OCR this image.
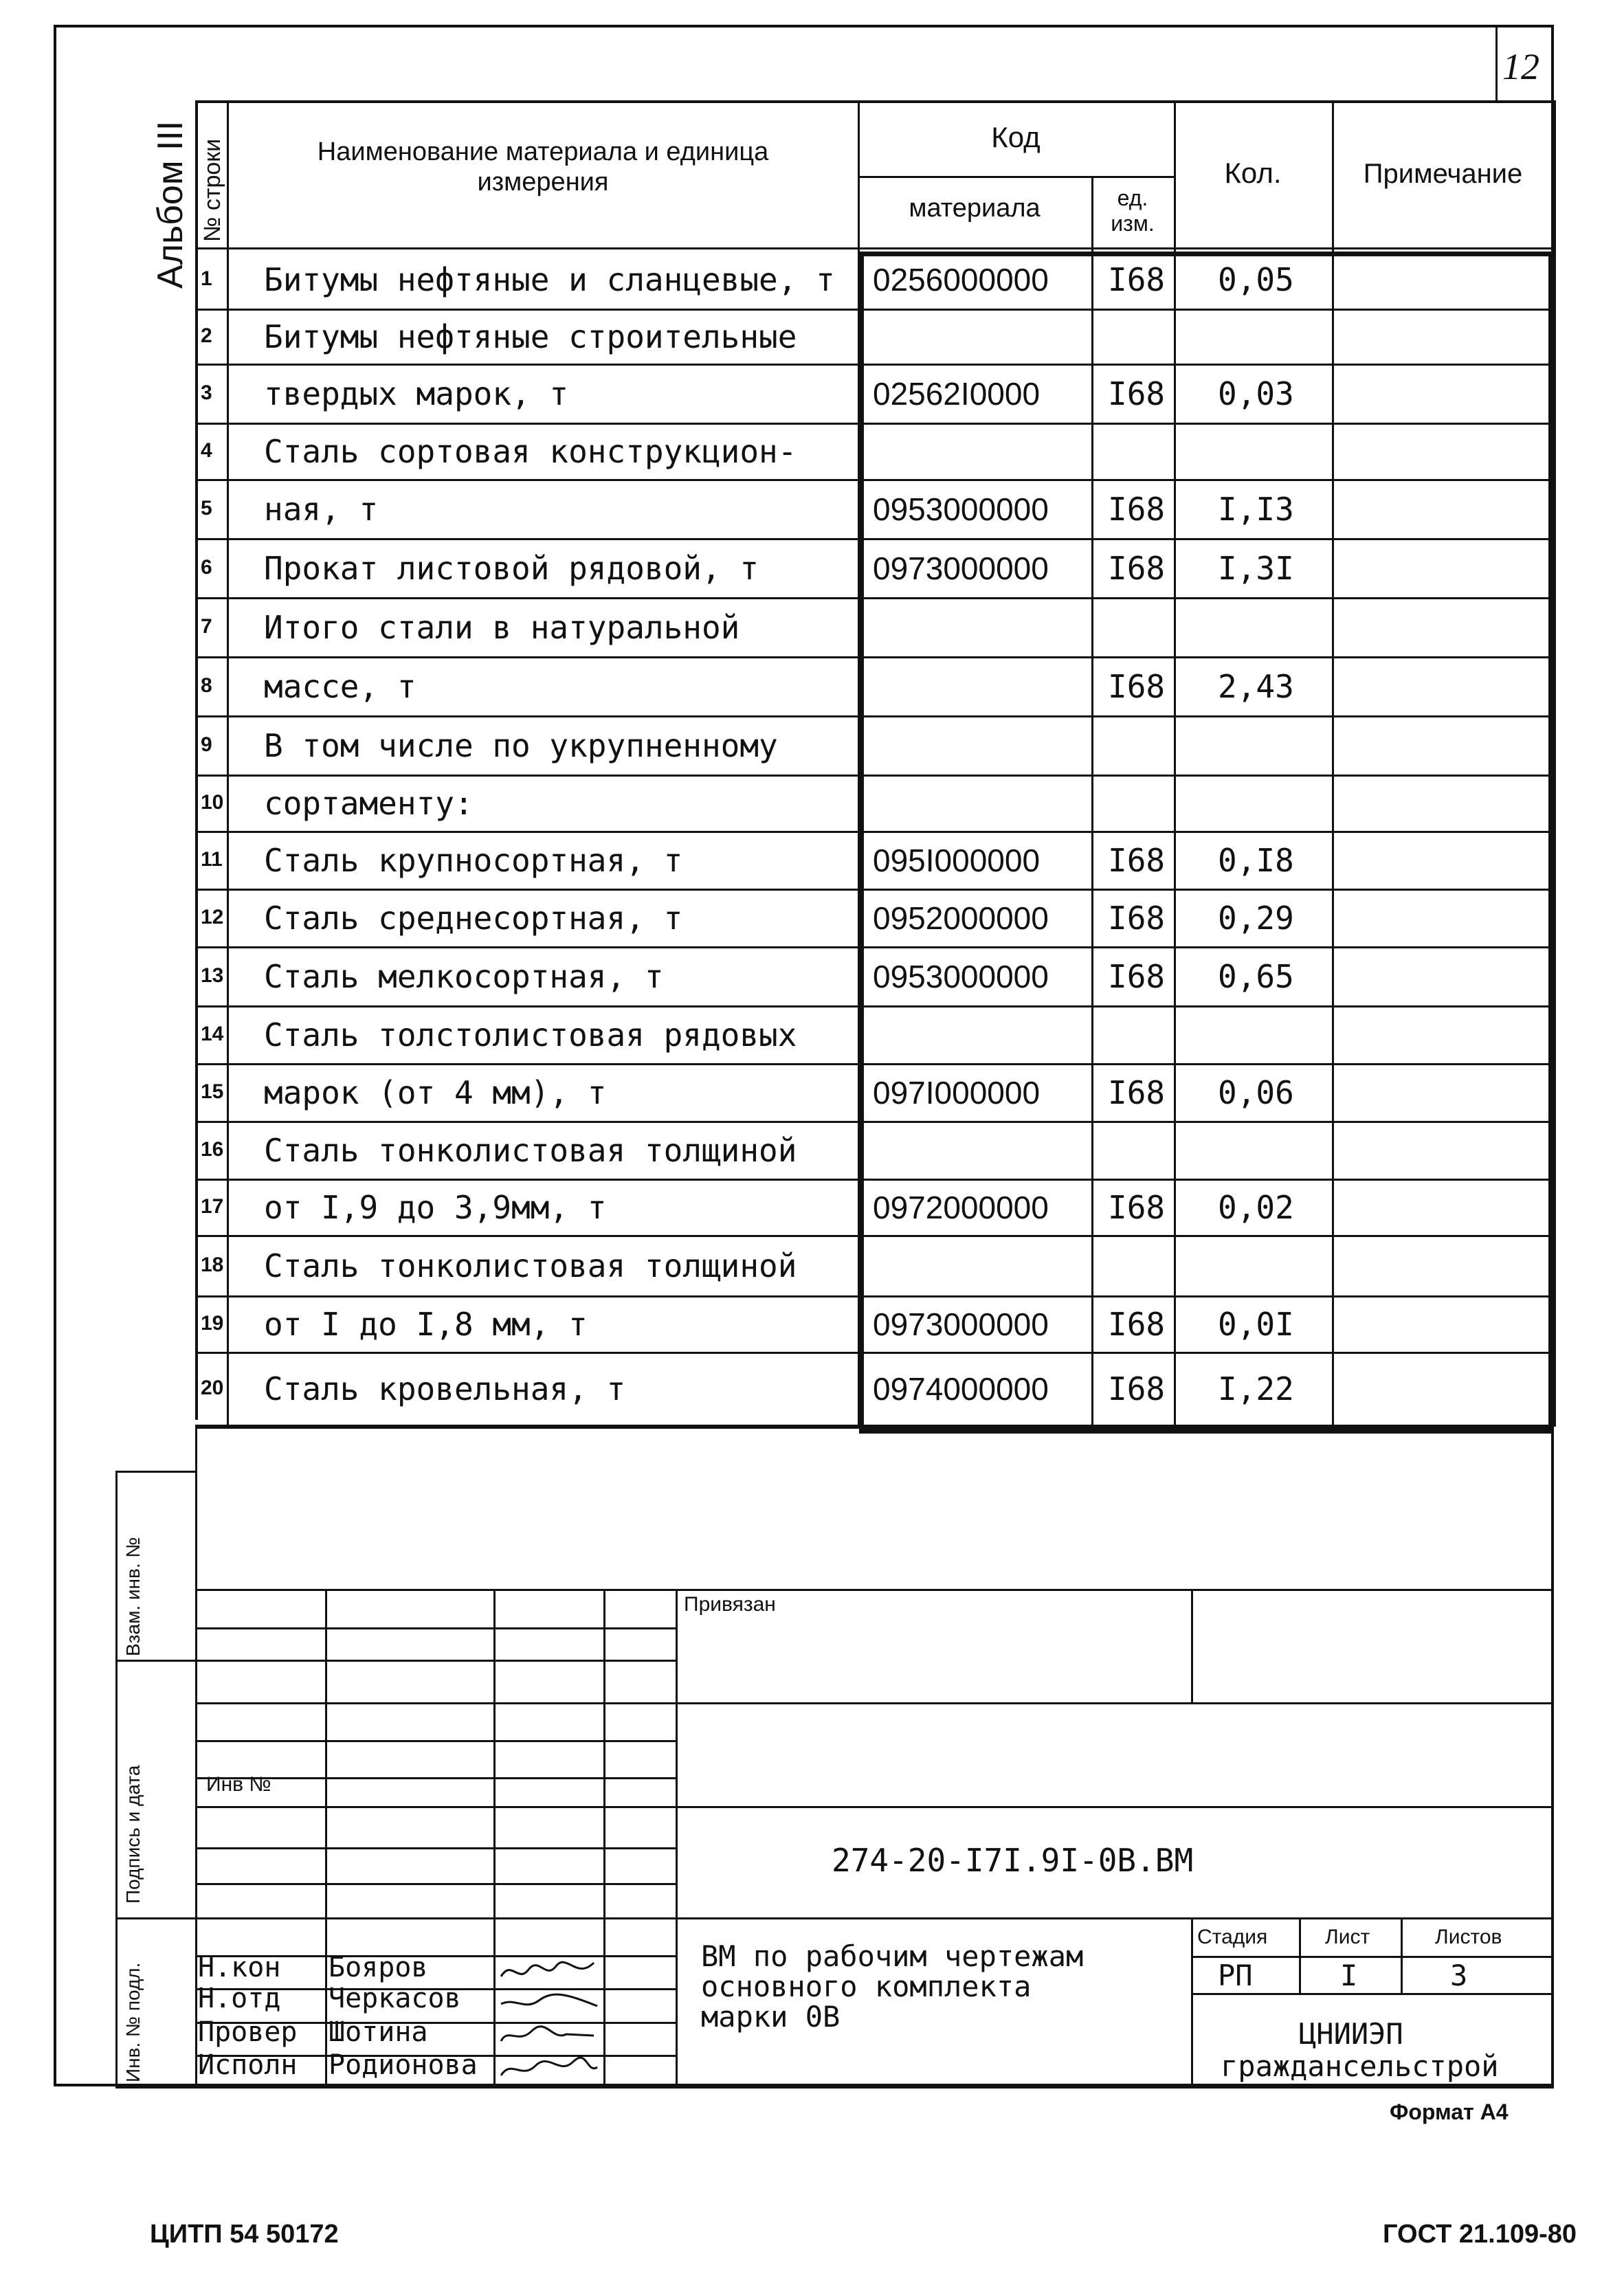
12
Альбом III № строки	Наименование материала и единица измерения
Код
материала	ед. изм.
Кол.	Примечание
1 Битумы нефтяные и сланцевые, т 0256000000 I68 0,05
2 Битумы нефтяные строительные
3 твердых марок, т	02562I0000 I68 0,03
4 Сталь сортовая конструкцион-
5 ная, т	0953000000 I68 I,I3
6 Прокат листовой рядовой, т	0973000000 I68 I,3I
7 Итого стали в натуральной
8 массе, т	I68 2,43
9 В том числе по укрупненному
10 сортаменту:
11 Сталь крупносортная, т	095I000000 I68 0,I8
12 Сталь среднесортная, т	0952000000 I68 0,29
13 Сталь мелкосортная, т	0953000000 I68 0,65
14 Сталь толстолистовая рядовых
15 марок (от 4 мм), т	097I000000 I68 0,06
16 Сталь тонколистовая толщиной
17 от I,9 до 3,9мм, т	0972000000 I68 0,02
18 Сталь тонколистовая толщиной
19 от I до I,8 мм, т	0973000000 I68 0,0I
20 Сталь кровельная, т	0974000000 I68 I,22
Взам. инв. №
Подпись и дата
Инв. № подл.
Привязан
Инв №
274-20-I7I.9I-0В.ВМ
Н.кон Бояров
Н.отд Черкасов
Провер Шотина
Исполн Родионова
ВМ по рабочим чертежам
основного комплекта
марки 0В
Стадия	Лист	Листов
РП	I	3
ЦНИИЭП
граждансельстрой
Формат А4
ЦИТП 54 50172	ГОСТ 21.109-80
